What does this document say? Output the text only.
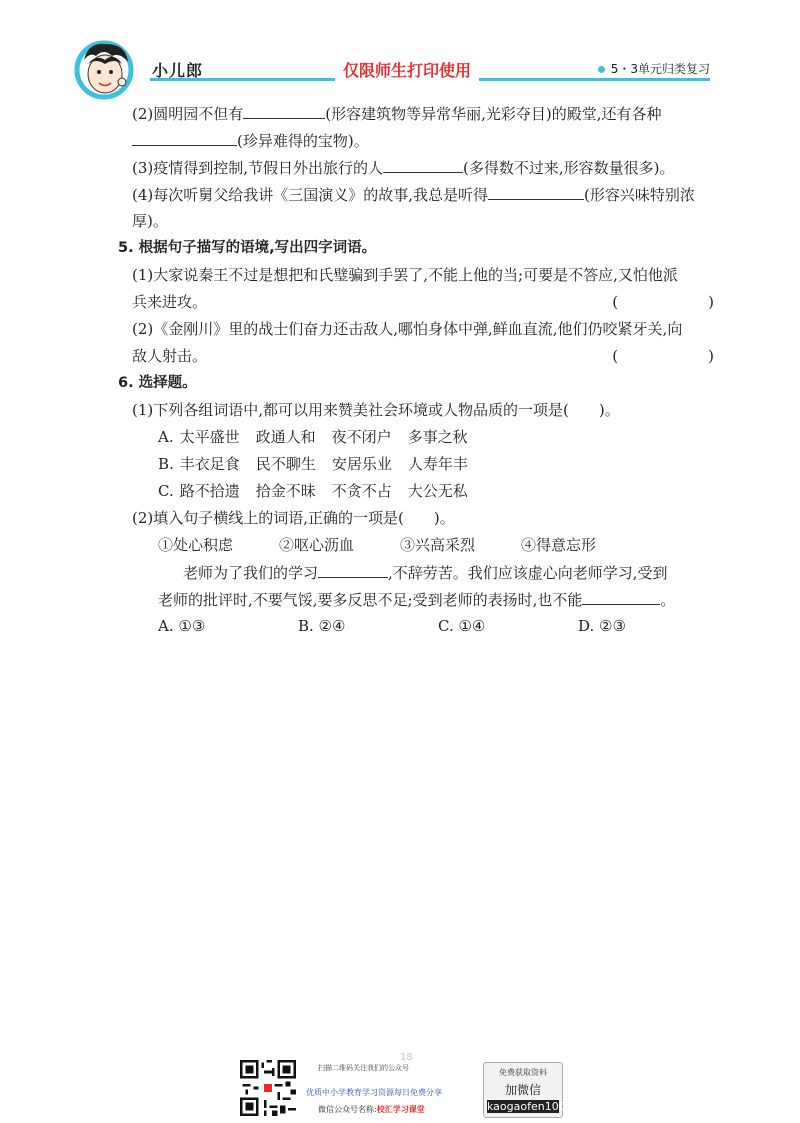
小儿郎	仅限师生打印使用	5・3单元归类复习
(2)圆明园不但有	(形容建筑物等异常华丽,光彩夺目)的殿堂,还有各种
(珍异难得的宝物)。
(3)疫情得到控制,节假日外出旅行的人	(多得数不过来,形容数量很多)。
(4)每次听舅父给我讲《三国演义》的故事,我总是听得	(形容兴味特别浓
厚)。
5. 根据句子描写的语境,写出四字词语。
(1)大家说秦王不过是想把和氏璧骗到手罢了,不能上他的当;可要是不答应,又怕他派
兵来进攻。	(　　　　　　)
(2)《金刚川》里的战士们奋力还击敌人,哪怕身体中弹,鲜血直流,他们仍咬紧牙关,向
敌人射击。	(　　　　　　)
6. 选择题。
(1)下列各组词语中,都可以用来赞美社会环境或人物品质的一项是(　　)。
A. 太平盛世 政通人和 夜不闭户 多事之秋
B. 丰衣足食 民不聊生 安居乐业 人寿年丰
C. 路不拾遗 拾金不昧 不贪不占 大公无私
(2)填入句子横线上的词语,正确的一项是(　　)。
①处心积虑	②呕心沥血	③兴高采烈	④得意忘形
老师为了我们的学习	,不辞劳苦。我们应该虚心向老师学习,受到
老师的批评时,不要气馁,要多反思不足;受到老师的表扬时,也不能	。
A. ①③	B. ②④	C. ①④	D. ②③
18
扫描二维码关注我们的公众号
优质中小学教育学习资源每日免费分享
微信公众号名称:校汇学习课堂
免费获取资料
加微信
kaogaofen100
